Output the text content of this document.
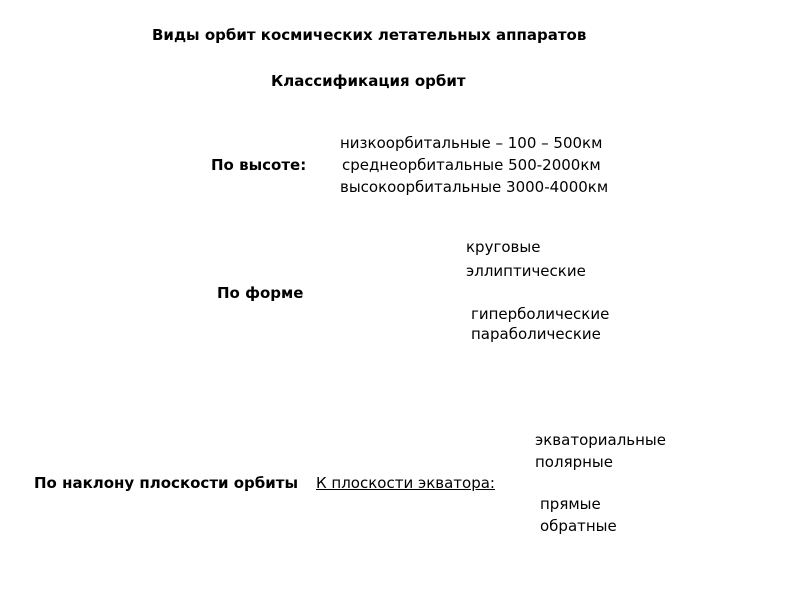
Виды орбит космических летательных аппаратов
Классификация орбит
По высоте:
низкоорбитальные – 100 – 500км
среднеорбитальные 500-2000км
высокоорбитальные 3000-4000км
По форме
круговые
эллиптические
гиперболические
параболические
По наклону плоскости орбиты К плоскости экватора:
экваториальные
полярные
прямые
обратные
